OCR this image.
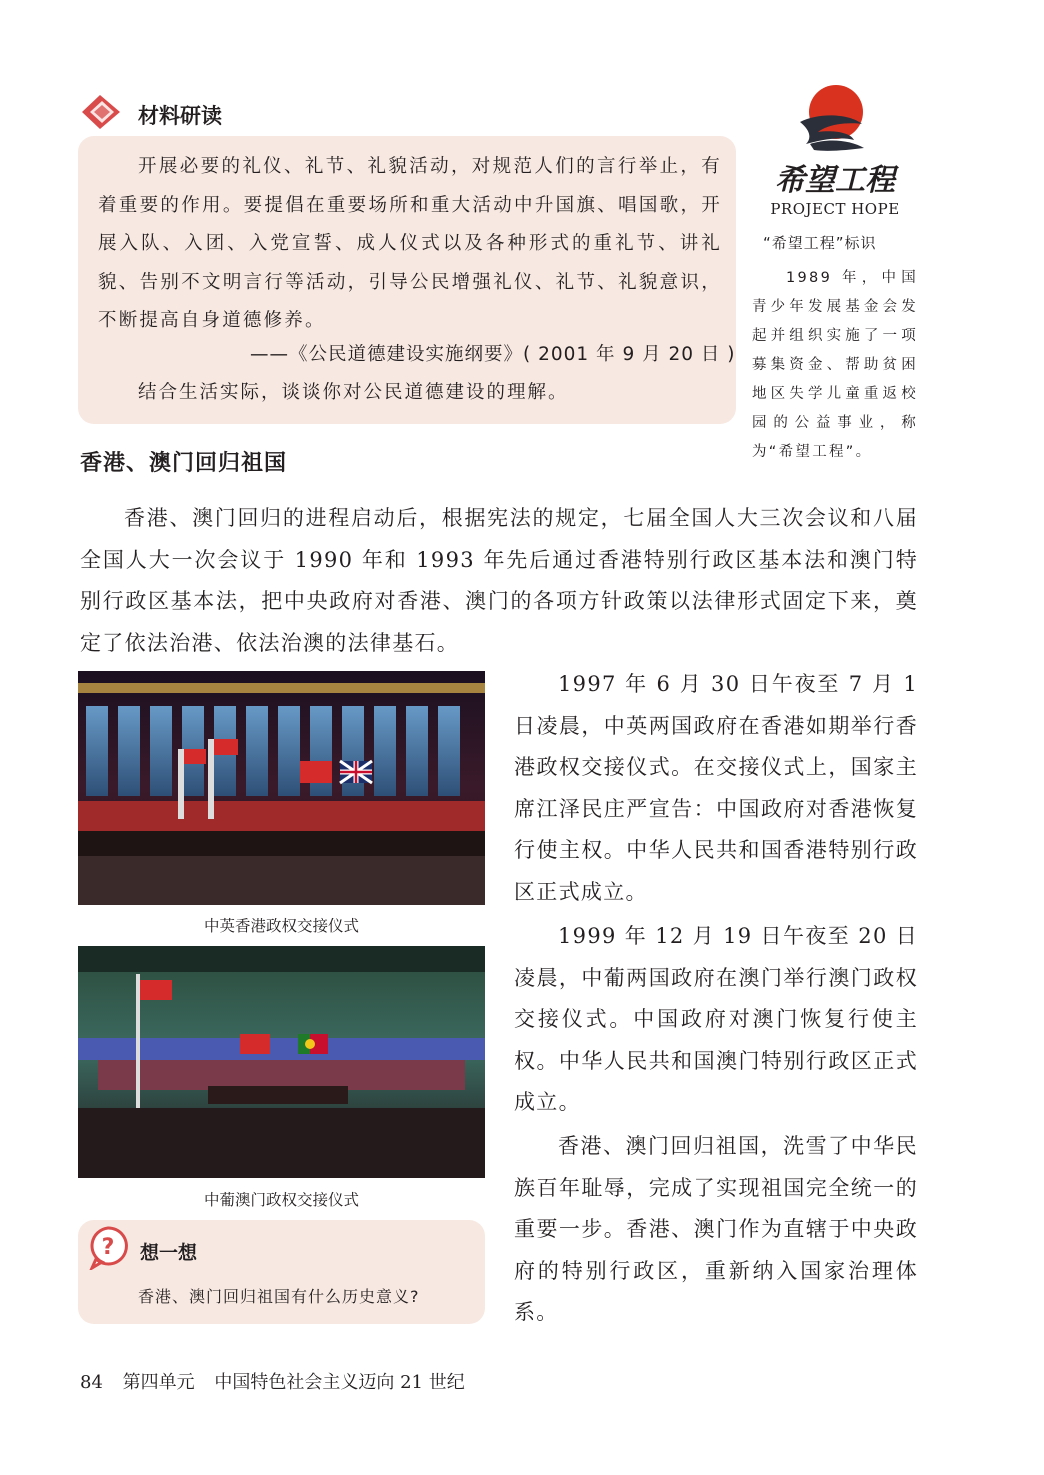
材料研读
开展必要的礼仪、礼节、礼貌活动，对规范人们的言行举止，有着重要的作用。要提倡在重要场所和重大活动中升国旗、唱国歌，开展入队、入团、入党宣誓、成人仪式以及各种形式的重礼节、讲礼貌、告别不文明言行等活动，引导公民增强礼仪、礼节、礼貌意识，不断提高自身道德修养。
——《公民道德建设实施纲要》( 2001 年 9 月 20 日 )
结合生活实际，谈谈你对公民道德建设的理解。
希望工程
PROJECT HOPE
“希望工程”标识
1989 年，中国青少年发展基金会发起并组织实施了一项募集资金、帮助贫困地区失学儿童重返校园的公益事业，称为“希望工程”。
香港、澳门回归祖国
香港、澳门回归的进程启动后，根据宪法的规定，七届全国人大三次会议和八届全国人大一次会议于 1990 年和 1993 年先后通过香港特别行政区基本法和澳门特别行政区基本法，把中央政府对香港、澳门的各项方针政策以法律形式固定下来，奠定了依法治港、依法治澳的法律基石。
中英香港政权交接仪式
中葡澳门政权交接仪式
1997 年 6 月 30 日午夜至 7 月 1 日凌晨，中英两国政府在香港如期举行香港政权交接仪式。在交接仪式上，国家主席江泽民庄严宣告：中国政府对香港恢复行使主权。中华人民共和国香港特别行政区正式成立。
1999 年 12 月 19 日午夜至 20 日凌晨，中葡两国政府在澳门举行澳门政权交接仪式。中国政府对澳门恢复行使主权。中华人民共和国澳门特别行政区正式成立。
香港、澳门回归祖国，洗雪了中华民族百年耻辱，完成了实现祖国完全统一的重要一步。香港、澳门作为直辖于中央政府的特别行政区，重新纳入国家治理体系。
? 想一想
香港、澳门回归祖国有什么历史意义?
84 第四单元 中国特色社会主义迈向 21 世纪
